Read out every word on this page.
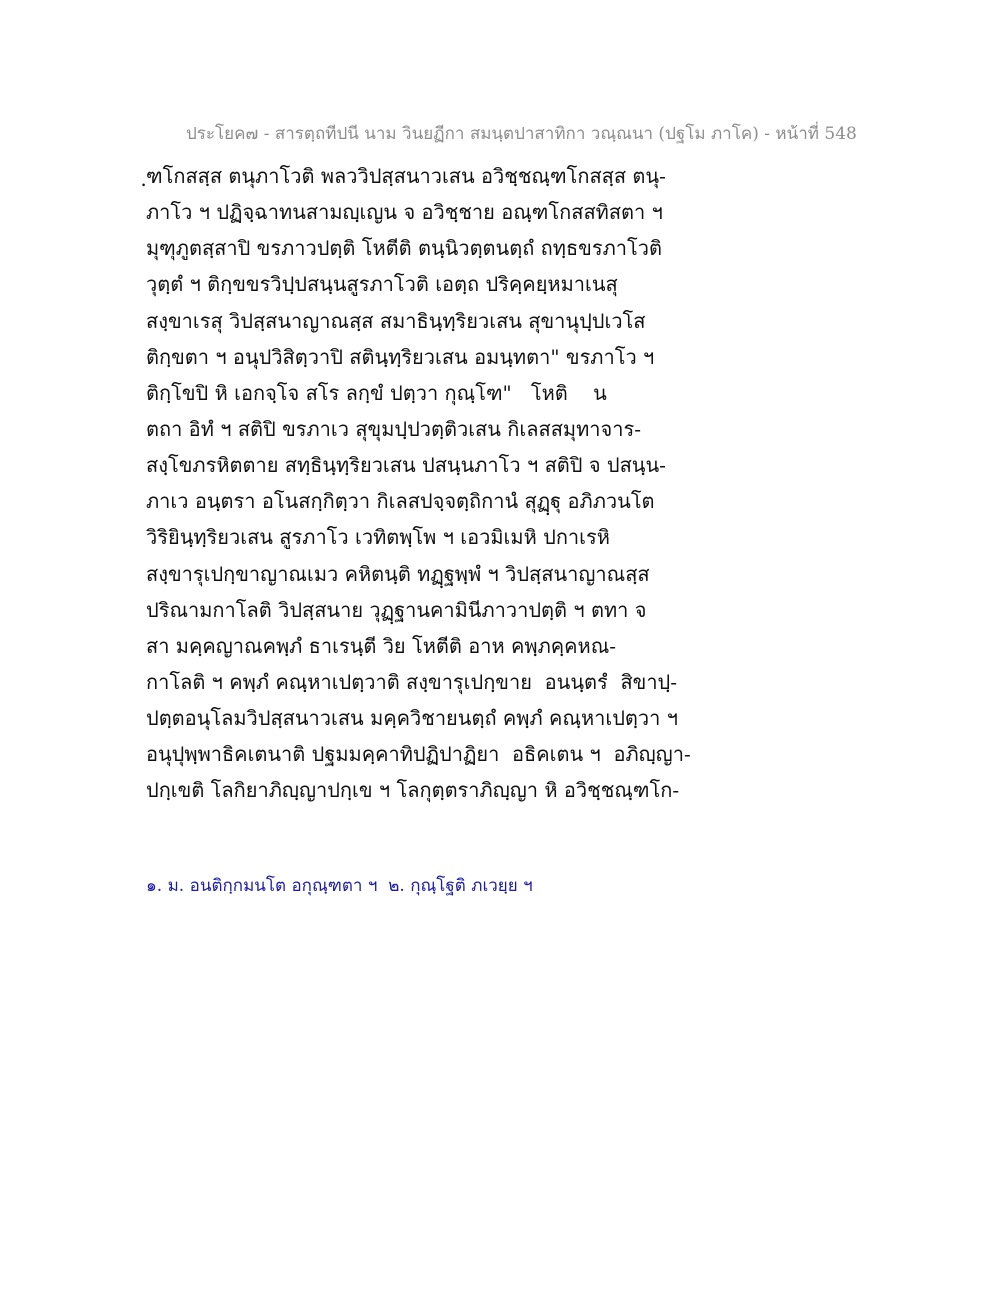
ประโยค๗ - สารตฺถทีปนี นาม วินยฏีกา สมนฺตปาสาทิกา วณฺณนา (ปฐโม ภาโค) - หน้าที่ 548
ฺฑโกสสฺส ตนุภาโวติ พลววิปสฺสนาวเสน อวิชฺชณฺฑโกสสฺส ตนุ-
ภาโว ฯ ปฏิจฺฉาทนสามญฺเญน จ อวิชฺชาย อณฺฑโกสสทิสตา ฯ
มุฑุภูตสฺสาปิ ขรภาวปตฺติ โหตีติ ตนฺนิวตฺตนตฺถํ ถทฺธขรภาโวติ
วุตฺตํ ฯ ติกฺขขรวิปฺปสนฺนสูรภาโวติ เอตฺถ ปริคฺคยฺหมาเนสุ
สงฺขาเรสุ วิปสฺสนาญาณสฺส สมาธินฺทฺริยวเสน สุขานุปฺปเวโส
ติกฺขตา ฯ อนุปวิสิตฺวาปิ สตินฺทฺริยวเสน อมนฺทตา" ขรภาโว ฯ
ติกฺโขปิ หิ เอกจฺโจ สโร ลกฺขํ ปตฺวา กุณฺโฑ"   โหติ    น
ตถา อิทํ ฯ สติปิ ขรภาเว สุขุมปฺปวตฺติวเสน กิเลสสมุทาจาร-
สงฺโขภรหิตตาย สทฺธินฺทฺริยวเสน ปสนฺนภาโว ฯ สติปิ จ ปสนฺน-
ภาเว อนฺตรา อโนสกฺกิตฺวา กิเลสปจฺจตฺถิกานํ สุฏฺฐุ อภิภวนโต
วิริยินฺทฺริยวเสน สูรภาโว เวทิตพฺโพ ฯ เอวมิเมหิ ปกาเรหิ
สงฺขารุเปกฺขาญาณเมว คหิตนฺติ ทฏฺฐพฺพํ ฯ วิปสฺสนาญาณสฺส
ปริณามกาโลติ วิปสฺสนาย วุฏฺฐานคามินีภาวาปตฺติ ฯ ตทา จ
สา มคฺคญาณคพฺภํ ธาเรนฺตี วิย โหตีติ อาห คพฺภคฺคหณ-
กาโลติ ฯ คพฺภํ คณฺหาเปตฺวาติ สงฺขารุเปกฺขาย  อนนฺตรํ  สิขาปฺ-
ปตฺตอนุโลมวิปสฺสนาวเสน มคฺควิชายนตฺถํ คพฺภํ คณฺหาเปตฺวา ฯ
อนุปุพฺพาธิคเตนาติ ปฐมมคฺคาทิปฏิปาฏิยา  อธิคเตน ฯ  อภิญฺญา-
ปกฺเขติ โลกิยาภิญฺญาปกฺเข ฯ โลกุตฺตราภิญฺญา หิ อวิชฺชณฺฑโก-
๑. ม. อนติกฺกมนโต อกุณฺฑตา ฯ  ๒. กุณฺโฐติ ภเวยฺย ฯ
